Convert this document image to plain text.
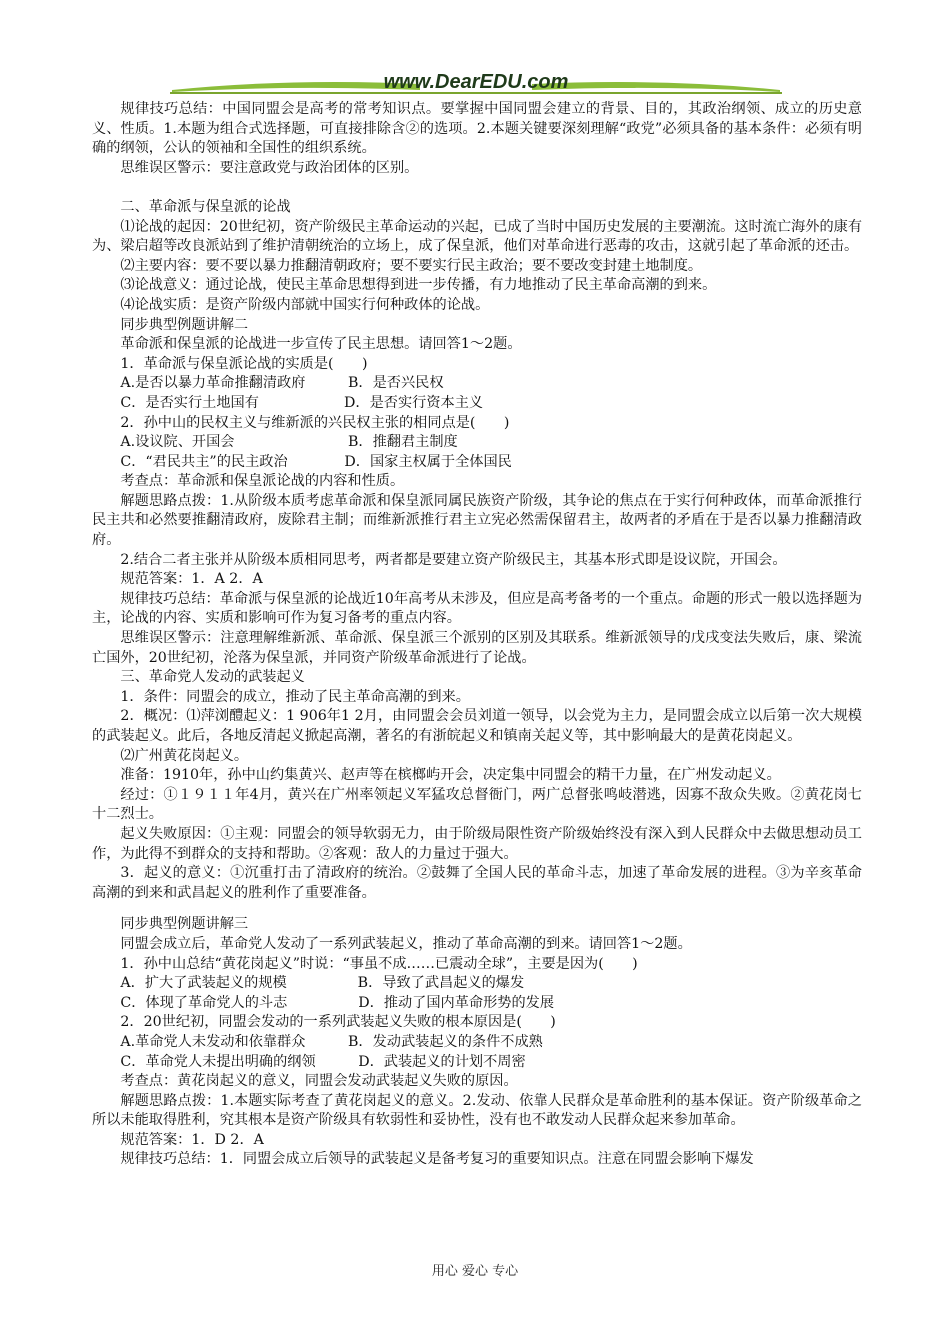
www.DearEDU.com

规律技巧总结：中国同盟会是高考的常考知识点。要掌握中国同盟会建立的背景、目的，其政治纲领、成立的历史意义、性质。1.本题为组合式选择题，可直接排除含②的选项。2.本题关键要深刻理解“政党”必须具备的基本条件：必须有明确的纲领，公认的领袖和全国性的组织系统。

思维误区警示：要注意政党与政治团体的区别。

二、革命派与保皇派的论战

⑴论战的起因：20世纪初，资产阶级民主革命运动的兴起，已成了当时中国历史发展的主要潮流。这时流亡海外的康有为、梁启超等改良派站到了维护清朝统治的立场上，成了保皇派，他们对革命进行恶毒的攻击，这就引起了革命派的还击。

⑵主要内容：要不要以暴力推翻清朝政府；要不要实行民主政治；要不要改变封建土地制度。

⑶论战意义：通过论战，使民主革命思想得到进一步传播，有力地推动了民主革命高潮的到来。

⑷论战实质：是资产阶级内部就中国实行何种政体的论战。

同步典型例题讲解二

革命派和保皇派的论战进一步宣传了民主思想。请回答1～2题。

1．革命派与保皇派论战的实质是(　　)

A.是否以暴力革命推翻清政府　　　B．是否兴民权

C．是否实行土地国有　　　　　　D．是否实行资本主义

2．孙中山的民权主义与维新派的兴民权主张的相同点是(　　)

A.设议院、开国会　　　　　　　　B．推翻君主制度

C．“君民共主”的民主政治　　　　D．国家主权属于全体国民

考查点：革命派和保皇派论战的内容和性质。

解题思路点拨：1.从阶级本质考虑革命派和保皇派同属民族资产阶级，其争论的焦点在于实行何种政体，而革命派推行民主共和必然要推翻清政府，废除君主制；而维新派推行君主立宪必然需保留君主，故两者的矛盾在于是否以暴力推翻清政府。

2.结合二者主张并从阶级本质相同思考，两者都是要建立资产阶级民主，其基本形式即是设议院，开国会。

规范答案：1．A 2．A

规律技巧总结：革命派与保皇派的论战近10年高考从未涉及，但应是高考备考的一个重点。命题的形式一般以选择题为主，论战的内容、实质和影响可作为复习备考的重点内容。

思维误区警示：注意理解维新派、革命派、保皇派三个派别的区别及其联系。维新派领导的戊戌变法失败后，康、梁流亡国外，20世纪初，沦落为保皇派，并同资产阶级革命派进行了论战。

三、革命党人发动的武装起义

1．条件：同盟会的成立，推动了民主革命高潮的到来。

2．概况：⑴萍浏醴起义：1 906年1 2月，由同盟会会员刘道一领导，以会党为主力，是同盟会成立以后第一次大规模的武装起义。此后，各地反清起义掀起高潮，著名的有浙皖起义和镇南关起义等，其中影响最大的是黄花岗起义。

⑵广州黄花岗起义。

准备：1910年，孙中山约集黄兴、赵声等在槟榔屿开会，决定集中同盟会的精干力量，在广州发动起义。

经过：①１９１１年4月，黄兴在广州率领起义军猛攻总督衙门，两广总督张鸣岐潜逃，因寡不敌众失败。②黄花岗七十二烈士。

起义失败原因：①主观：同盟会的领导软弱无力，由于阶级局限性资产阶级始终没有深入到人民群众中去做思想动员工作，为此得不到群众的支持和帮助。②客观：敌人的力量过于强大。

3．起义的意义：①沉重打击了清政府的统治。②鼓舞了全国人民的革命斗志，加速了革命发展的进程。③为辛亥革命高潮的到来和武昌起义的胜利作了重要准备。

同步典型例题讲解三

同盟会成立后，革命党人发动了一系列武装起义，推动了革命高潮的到来。请回答1～2题。

1．孙中山总结“黄花岗起义”时说：“事虽不成……已震动全球”，主要是因为(　　)

A．扩大了武装起义的规模　　　　　B．导致了武昌起义的爆发

C．体现了革命党人的斗志　　　　　D．推动了国内革命形势的发展

2．20世纪初，同盟会发动的一系列武装起义失败的根本原因是(　　)

A.革命党人未发动和依靠群众　　　B．发动武装起义的条件不成熟

C．革命党人未提出明确的纲领　　　D．武装起义的计划不周密

考查点：黄花岗起义的意义，同盟会发动武装起义失败的原因。

解题思路点拨：1.本题实际考查了黄花岗起义的意义。2.发动、依靠人民群众是革命胜利的基本保证。资产阶级革命之所以未能取得胜利，究其根本是资产阶级具有软弱性和妥协性，没有也不敢发动人民群众起来参加革命。

规范答案：1．D 2．A

规律技巧总结：1．同盟会成立后领导的武装起义是备考复习的重要知识点。注意在同盟会影响下爆发

用心 爱心 专心
